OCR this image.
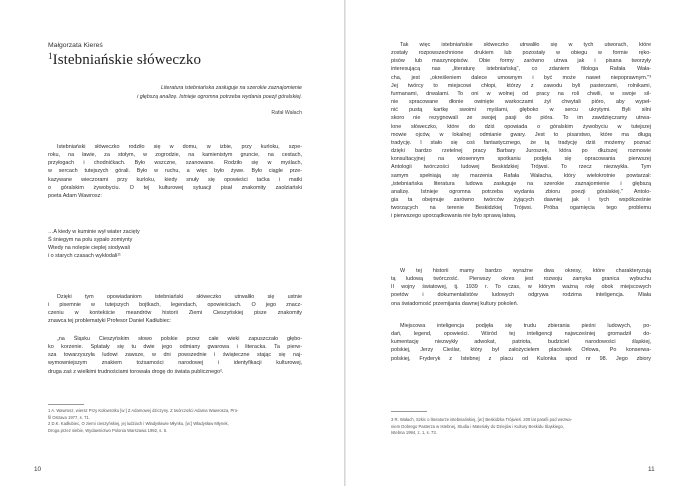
Małgorzata Kiereś
$^1$Istebniańskie słóweczko
Literatura istebniańska zasługuje na szerokie zaznajomienie
i głębszą analizę. Istnieje ogromna potrzeba wydania poezji góralskiej.
Rafał Wałach
Istebniański słóweczko rodziło się w domu, w izbie, przy kurloku, szpe-
roku, na ławie, za stołym, w zogrodzie, na kamienistym gruncie, na cestach,
przyłogach i chodnićkach. Było wszczne, szanowane. Rodziło się w myślach,
w sercach tutejszych górali. Było w ruchu, a więc było żywe. Było ciągle prze-
kazywane wieczorami przy kurloku, kiedy snuły się opowieści taćka i matki
o góralskim żywobyciu. O tej kulturowej sytuacji pisał znakomity zaolziański
poeta Adam Wawrosz:
…A kiedy w kuminie wył wiater zacięty
Ś śniegym na polu sypało zomiynty
Wtedy na nolepie cieplej siodywali
i o starych czasach wykłodali¹¹
Dzięki tym opowiadaniom istebniański słóweczko utrwaliło się ustnie
i pisemnie w tutejszych bojtkach, legendach, opowieściach. O jego znacz-
czeniu w kontekście meandrów historii Ziemi Cieszyńskiej pisze znakomity
znawca tej problematyki Profesor Daniel Kadłubiec:
„na Śląsku Cieszyńskim słowo polskie przez całe wieki zapuszczało głębo-
ko korzenie. Splatały się tu dwie jego odmiany gwarowa i literacka. Ta pierw-
sza towarzyszyła ludowi zawsze, w dni powszednie i świąteczne stając się naj-
wymowniejszym znakiem tożsamości narodowej i identyfikacji kulturowej,
druga zaś z wielkimi trudnościami torowała drogę do świata publicznego².
1 A. Wawrosz, wiersz Przy Kołowrotku [w:] Z Adamowej dziczyny. Z twórczości Adama Wawrosza, Pro-
fil Ostrava 1977, s. 71.
2 D.K. Kadłubiec, O ziemi cieszyńskiej, jej ludziach i Władysławie Młynku, [w:] Władysław Młynek,
Droga przez siebie, Wydawnictwo Polonia Warszawa 1992, s. 5.
10
Tak więc istebniańskie słóweczko utrwaliło się w tych utworach, które
zostały rozpowszechnione drukiem lub pozostały w obiegu w formie ręko-
pisów lub maszynopisów. Obie formy zarówno utrwa jak i pisana tworzyły
interesującą nas „literaturę istebniańską", co zdaniem filologa Rafała Wała-
cha, jest „określeniem dalece umownym i być może nawet niepoprawnym."³
Jej twórcy to miejscowi chłopi, którzy z zawodu byli pasterzami, rolnikami,
furmanami, drwalami. To oni w wolnej od pracy na roli chwili, w swoje sil-
nie spracowane dłonie owinięte warkoczami żył chwytali pióro, aby wypeł-
nić pustą kartkę swoimi myślami, głęboko w sercu ukrytymi. Byli silni
skoro nie rezygnowali ze swojej pasji do pióra. To im zawdzięczamy utrwa-
lone słóweczko, które do dziś opowiada o góralskim żywobyciu w tutejszej
mowie ojców, w lokalnej odmianie gwary. Jest to pisarstwo, które ma długą
tradycję. I stało się coś fantastycznego, że tą tradycję dziś możemy poznać
dzięki bardzo rzetelnej pracy Barbary Juroszek, która po dłuższej rozmowie
konsultacyjnej na wiosennym spotkaniu podjęła się opracowania pierwszej
Antologii twórczości ludowej Beskidzkiej Trójwsi. To rzecz niezwykła. Tym
samym spełniają się marzenia Rafała Wałacha, który wielokrotnie powtarzał:
„istebniańska literatura ludowa zasługuje na szerokie zaznajomienie i głębszą
analizę. Istnieje ogromna potrzeba wydania zbioru poezji góralskiej." Antolo-
gia ta obejmuje zarówno twórców żyjących dawniej jak i tych współcześnie
tworzących na terenie Beskidzkiej Trójwsi. Próba ogarnięcia tego problemu
i pierwszego uporządkowania nie było sprawą łatwą.
W tej historii mamy bardzo wyraźne dwa okresy, które charakteryzują
tą ludową twórczość. Pierwszy okres jest rozwoju zamyka granica wybuchu
II wojny światowej, tj. 1939 r. To czas, w którym ważną rolę obok miejscowych
poetów i dokumentalistów ludowych odgrywa rodzima inteligencja. Miała
ona świadomość przemijania dawnej kultury pokoleń.
Miejscowa inteligencja podjęła się trudu zbierania pieśni ludowych, po-
dań, legend, opowieści. Wśród tej inteligencji najwcześniej gromadził do-
kumentację niezwykły adwokat, patriota, budziciel narodowości śląskiej,
polskiej, Jerzy Cieślar, który był założycielem placówek Orłowa, Po konserwa-
polskiej, Fryderyk z Istebnej z placu od Kulonka spod nr 98. Jego zbiory
3 R. Wałach, Szkic o literaturze istebniańskiej, [w:] Beskidzka Trójwieś. 200 lat parafii pod wezwa-
niem Dobrego Pasterza w Istebnej, Studia i Materiały do Dziejów i Kultury Beskidu Śląskiego,
Istebna 1994, z. 1, s. 73.
11
